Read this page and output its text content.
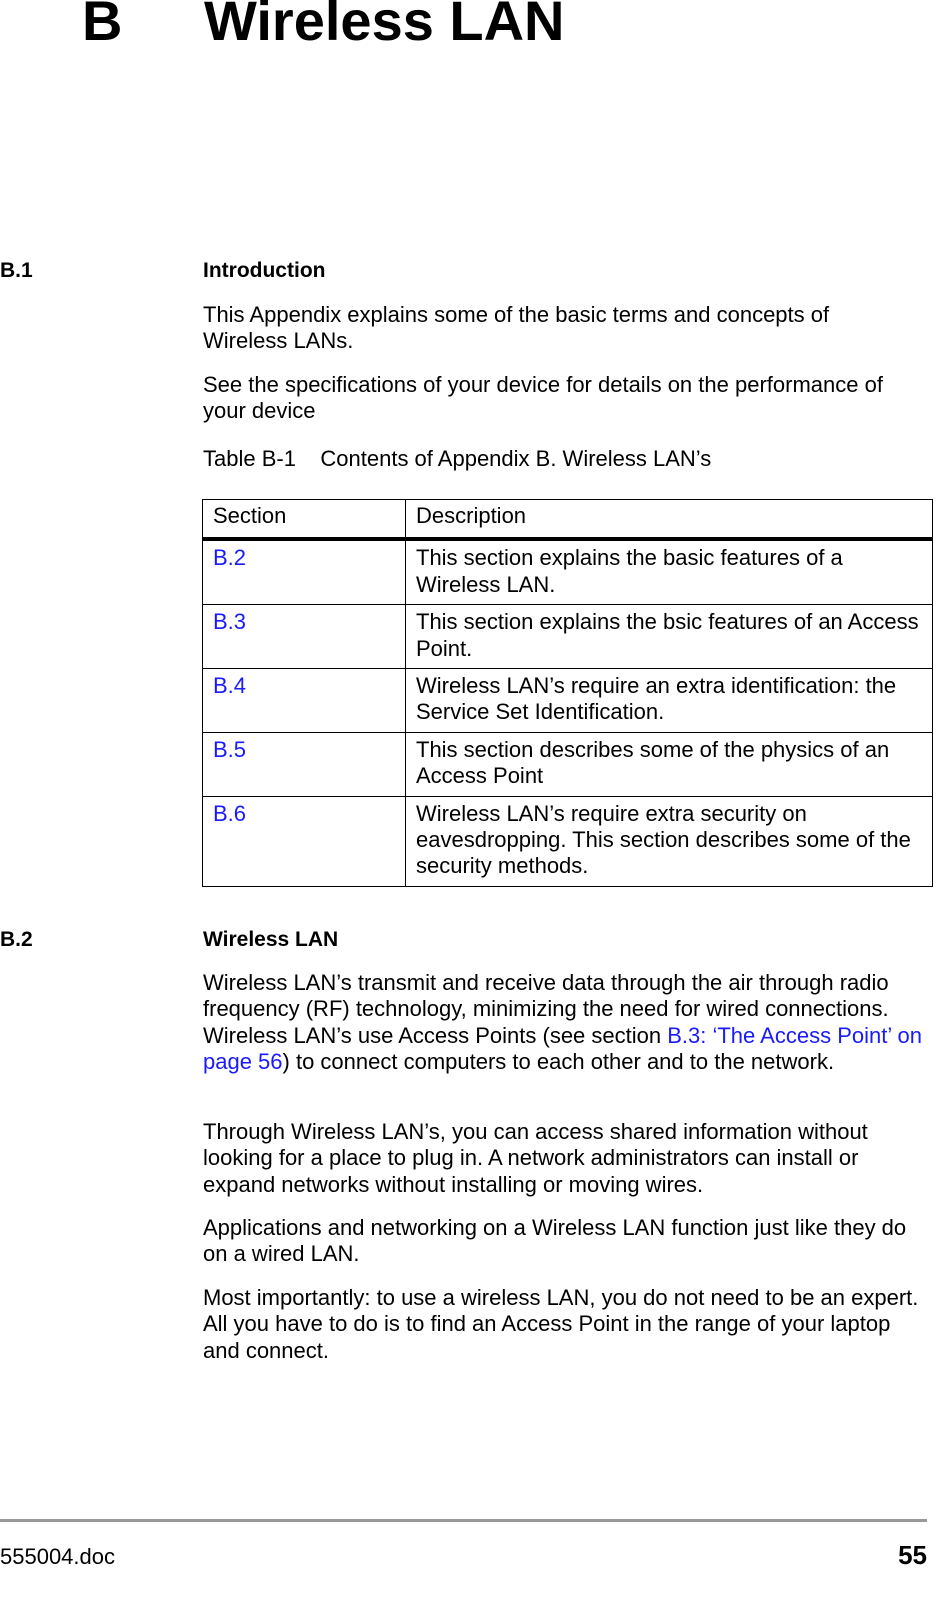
B Wireless LAN
B.1	Introduction
This Appendix explains some of the basic terms and concepts of Wireless LANs.
See the specifications of your device for details on the performance of your device
Table B-1    Contents of Appendix B. Wireless LAN’s
Section	Description
B.2	This section explains the basic features of a Wireless LAN.
B.3	This section explains the bsic features of an Access Point.
B.4	Wireless LAN’s require an extra identification: the Service Set Identification.
B.5	This section describes some of the physics of an Access Point
B.6	Wireless LAN’s require extra security on eavesdropping. This section describes some of the security methods.
B.2	Wireless LAN
Wireless LAN’s transmit and receive data through the air through radio frequency (RF) technology, minimizing the need for wired connections. Wireless LAN’s use Access Points (see section B.3: ‘The Access Point’ on page 56) to connect computers to each other and to the network.
Through Wireless LAN’s, you can access shared information without looking for a place to plug in. A network administrators can install or expand networks without installing or moving wires.
Applications and networking on a Wireless LAN function just like they do on a wired LAN.
Most importantly: to use a wireless LAN, you do not need to be an expert. All you have to do is to find an Access Point in the range of your laptop and connect.
555004.doc	55
